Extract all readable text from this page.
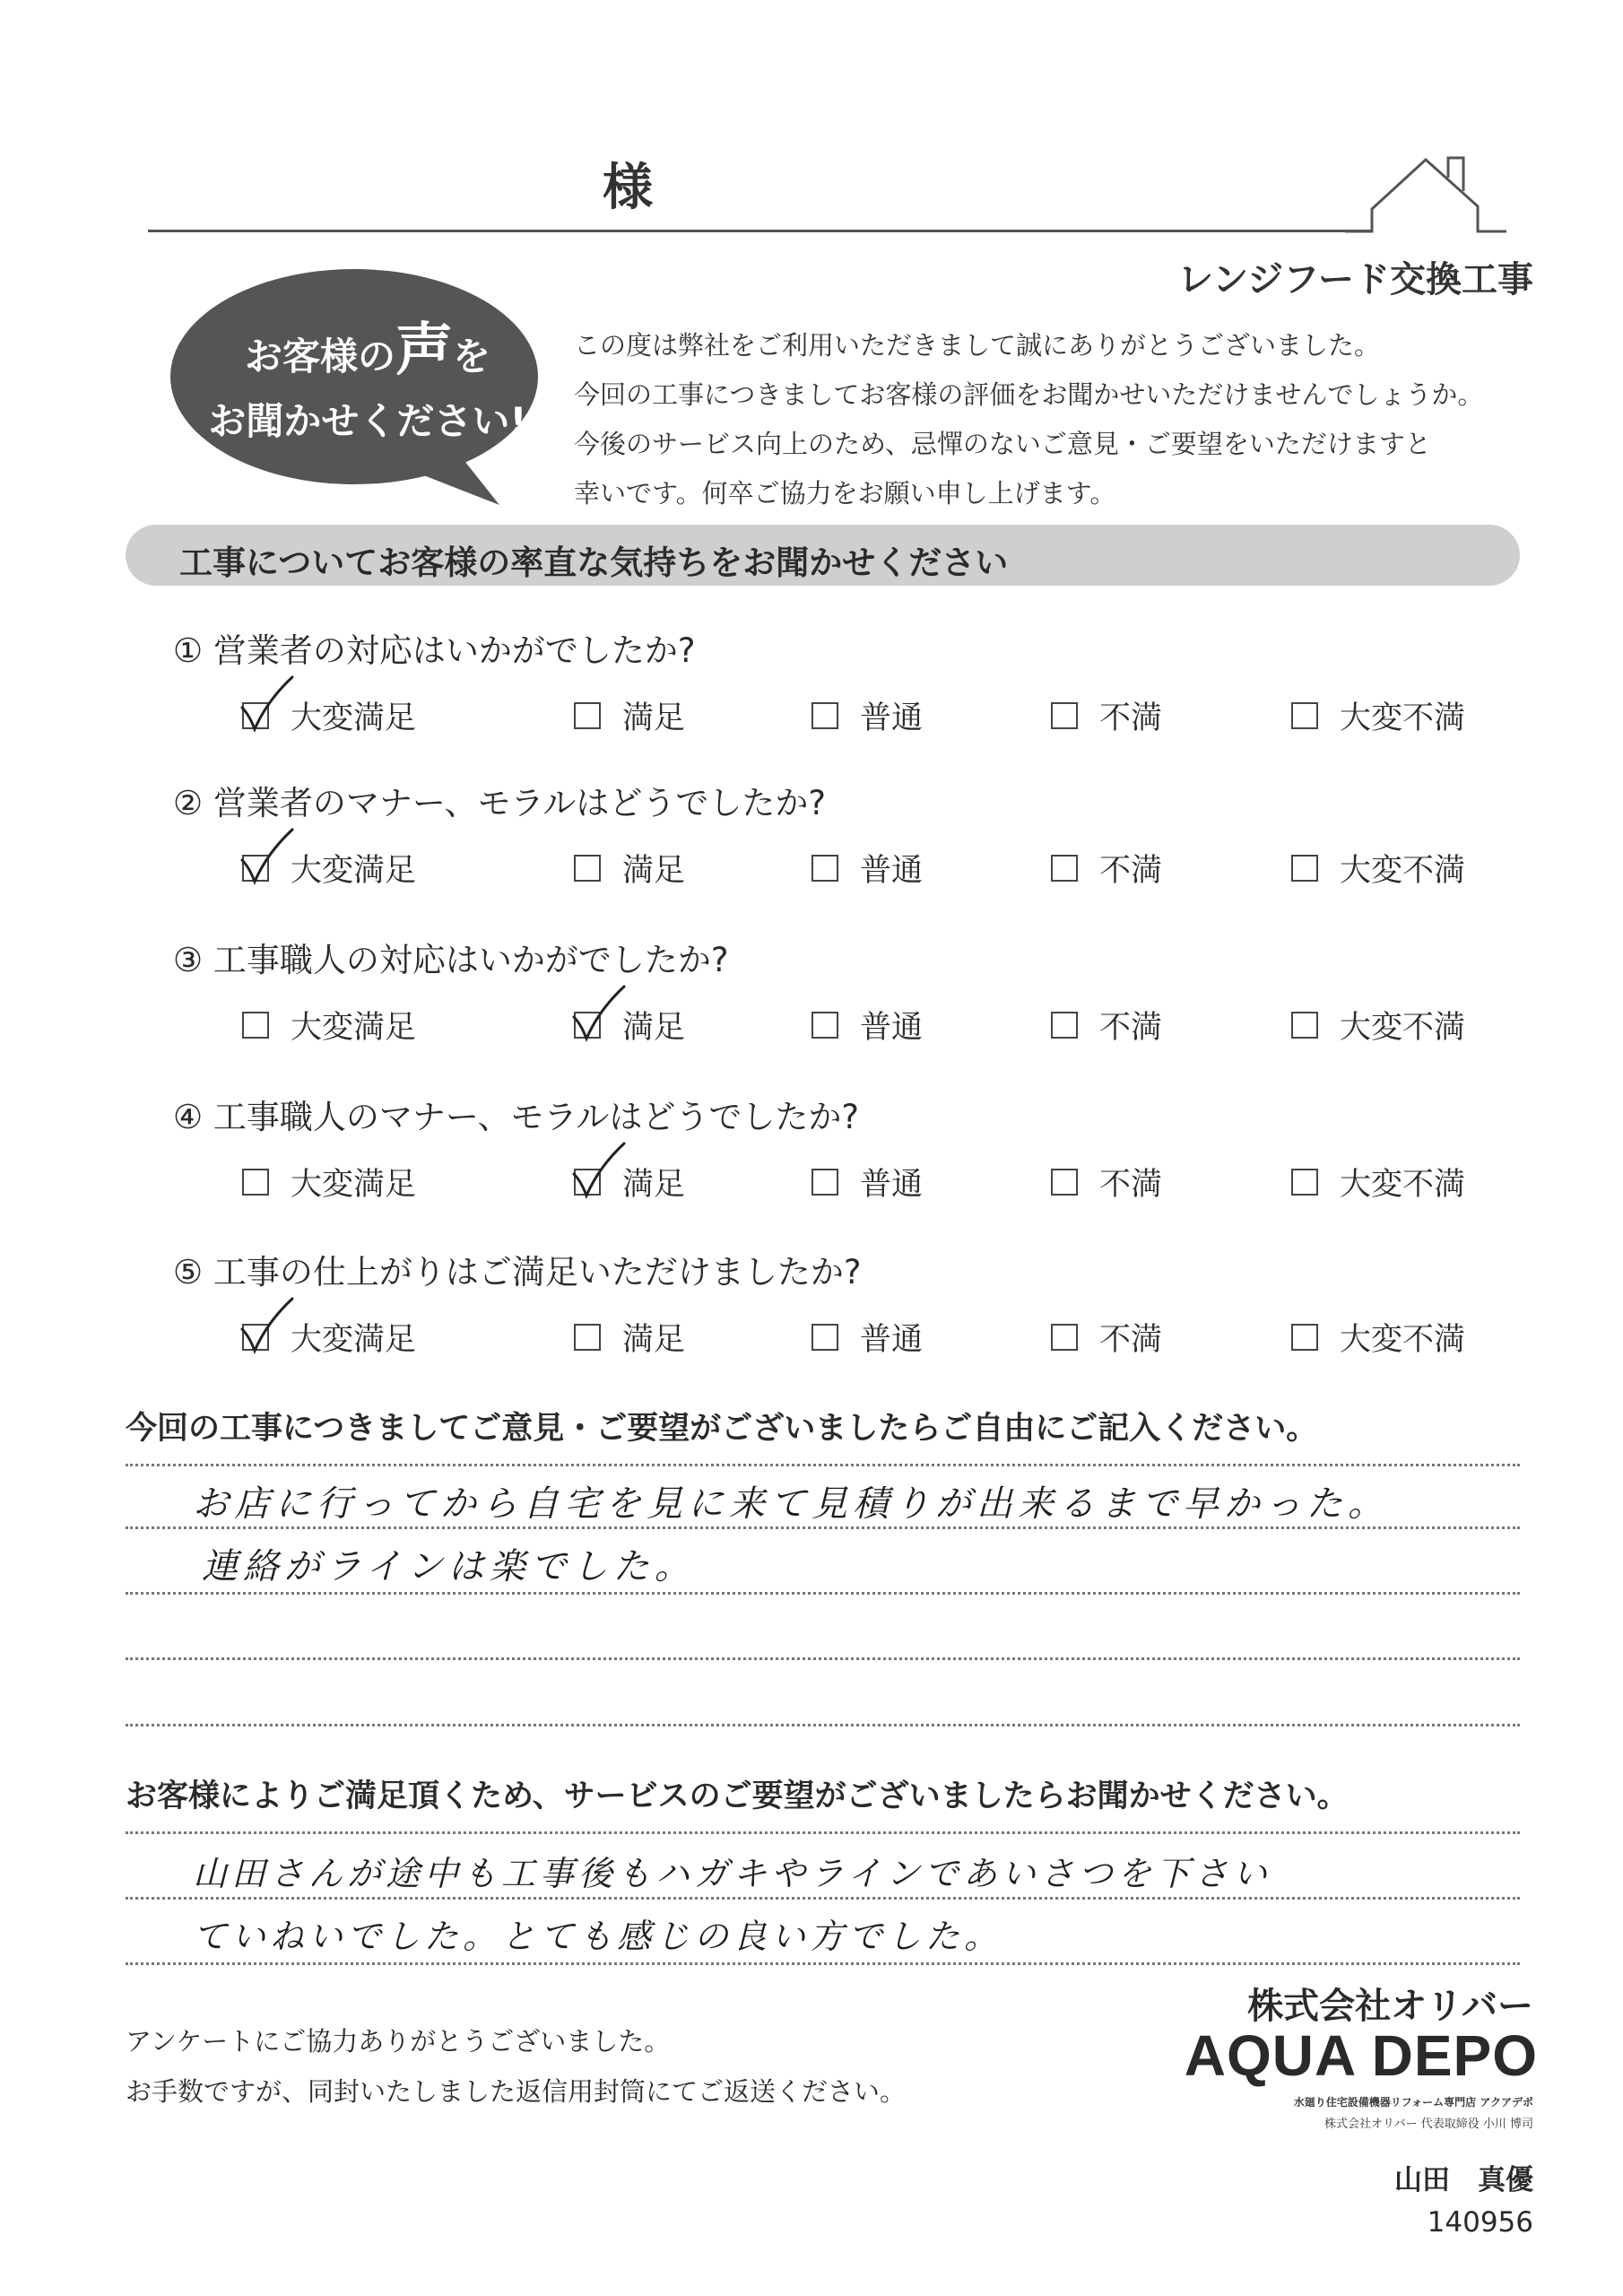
様
レンジフード交換工事
お客様の声を
お聞かせください!
この度は弊社をご利用いただきまして誠にありがとうございました。
今回の工事につきましてお客様の評価をお聞かせいただけませんでしょうか。
今後のサービス向上のため、忌憚のないご意見・ご要望をいただけますと
幸いです。何卒ご協力をお願い申し上げます。
工事についてお客様の率直な気持ちをお聞かせください
① 営業者の対応はいかがでしたか?
大変満足	満足	普通	不満	大変不満
② 営業者のマナー、モラルはどうでしたか?
大変満足	満足	普通	不満	大変不満
③ 工事職人の対応はいかがでしたか?
大変満足	満足	普通	不満	大変不満
④ 工事職人のマナー、モラルはどうでしたか?
大変満足	満足	普通	不満	大変不満
⑤ 工事の仕上がりはご満足いただけましたか?
大変満足	満足	普通	不満	大変不満
今回の工事につきましてご意見・ご要望がございましたらご自由にご記入ください。
お店に行ってから自宅を見に来て見積りが出来るまで早かった。
連絡がラインは楽でした。
お客様によりご満足頂くため、サービスのご要望がございましたらお聞かせください。
山田さんが途中も工事後もハガキやラインであいさつを下さい
ていねいでした。とても感じの良い方でした。
アンケートにご協力ありがとうございました。
お手数ですが、同封いたしました返信用封筒にてご返送ください。
株式会社オリバー
AQUA DEPO
水廻り住宅設備機器リフォーム専門店 アクアデポ
株式会社オリバー 代表取締役 小川 博司
山田　真優
140956
